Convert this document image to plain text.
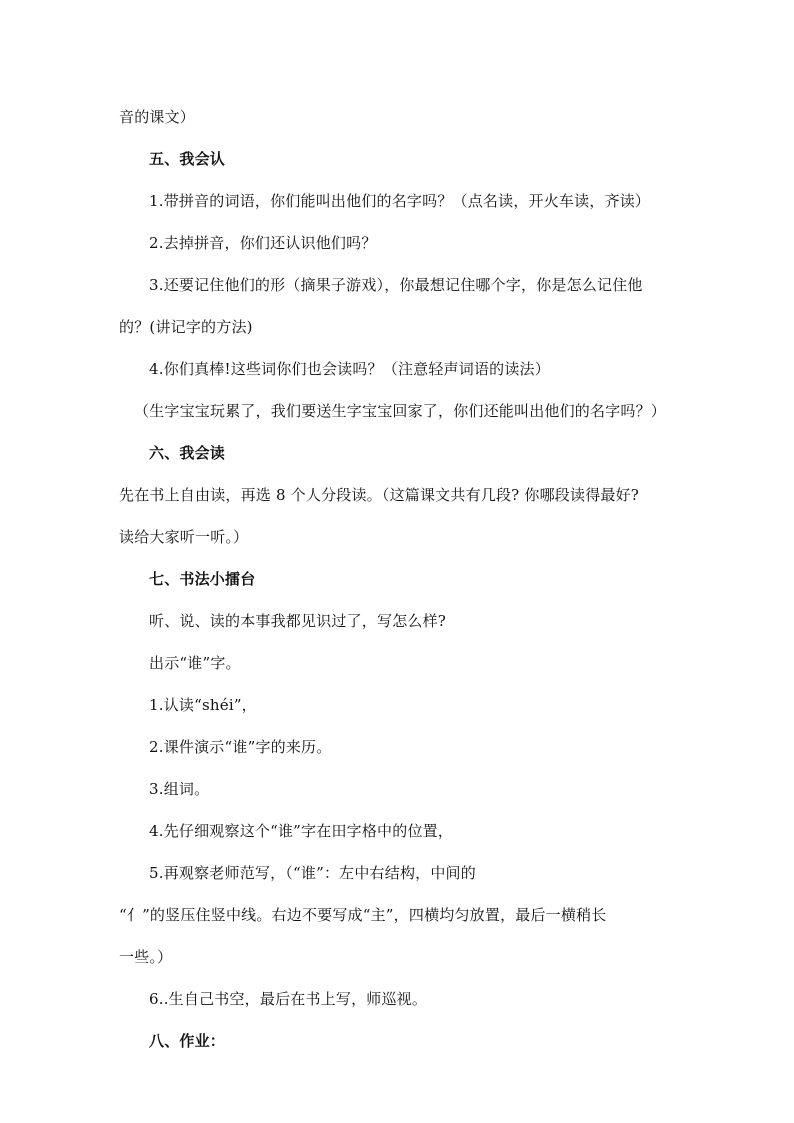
音的课文）
五、我会认
1.带拼音的词语，你们能叫出他们的名字吗？（点名读，开火车读，齐读）
2.去掉拼音，你们还认识他们吗？
3.还要记住他们的形（摘果子游戏），你最想记住哪个字，你是怎么记住他
的？(讲记字的方法)
4.你们真棒!这些词你们也会读吗？（注意轻声词语的读法）
（生字宝宝玩累了，我们要送生字宝宝回家了，你们还能叫出他们的名字吗？）
六、我会读
先在书上自由读，再选 8 个人分段读。（这篇课文共有几段? 你哪段读得最好?
读给大家听一听。）
七、书法小擂台
听、说、读的本事我都见识过了，写怎么样?
出示“谁”字。
1.认读“shéi”，
2.课件演示“谁”字的来历。
3.组词。
4.先仔细观察这个“谁”字在田字格中的位置，
5.再观察老师范写，（“谁”：左中右结构，中间的
“亻”的竖压住竖中线。右边不要写成“主”，四横均匀放置，最后一横稍长
一些。）
6..生自己书空，最后在书上写，师巡视。
八、作业：
